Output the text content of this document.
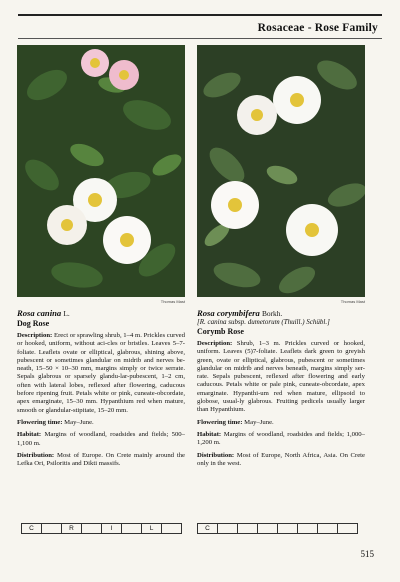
Rosaceae - Rose Family
Thomas Mast
Rosa canina L.
Dog Rose
Description: Erect or sprawling shrub, 1–4 m. Prickles curved or hooked, uniform, without aci-cles or bristles. Leaves 5–7-foliate. Leaflets ovate or elliptical, glabrous, shining above, pubescent or sometimes glandular on midrib and nerves be-neath, 15–50 × 10–30 mm, margins simply or twice serrate. Sepals glabrous or sparsely glandu-lar-pubescent, 1–2 cm, often with lateral lobes, reflexed after flowering, caducous before ripening fruit. Petals white or pink, cuneate-obcordate, apex emarginate, 15–30 mm. Hypanthium red when mature, smooth or glandular-stipitate, 15–20 mm.
Flowering time: May–June.
Habitat: Margins of woodland, roadsides and fields; 500–1,100 m.
Distribution: Most of Europe. On Crete mainly around the Lefka Ori, Psiloritis and Dikti massifs.
Thomas Mast
Rosa corymbifera Borkh.
[R. canina subsp. dumetorum (Thuill.) Schübl.]
Corymb Rose
Description: Shrub, 1–3 m. Prickles curved or hooked, uniform. Leaves (5)7-foliate. Leaflets dark green to greyish green, ovate or elliptical, glabrous, pubescent or sometimes glandular on midrib and nerves beneath, margins simply ser-rate. Sepals pubescent, reflexed after flowering and early caducous. Petals white or pale pink, cuneate-obcordate, apex emarginate. Hypanthi-um red when mature, ellipsoid to globose, usual-ly glabrous. Fruiting pedicels usually larger than Hypanthium.
Flowering time: May–June.
Habitat: Margins of woodland, roadsides and fields; 1,000–1,200 m.
Distribution: Most of Europe, North Africa, Asia. On Crete only in the west.
C		R		I		L		C							
515
